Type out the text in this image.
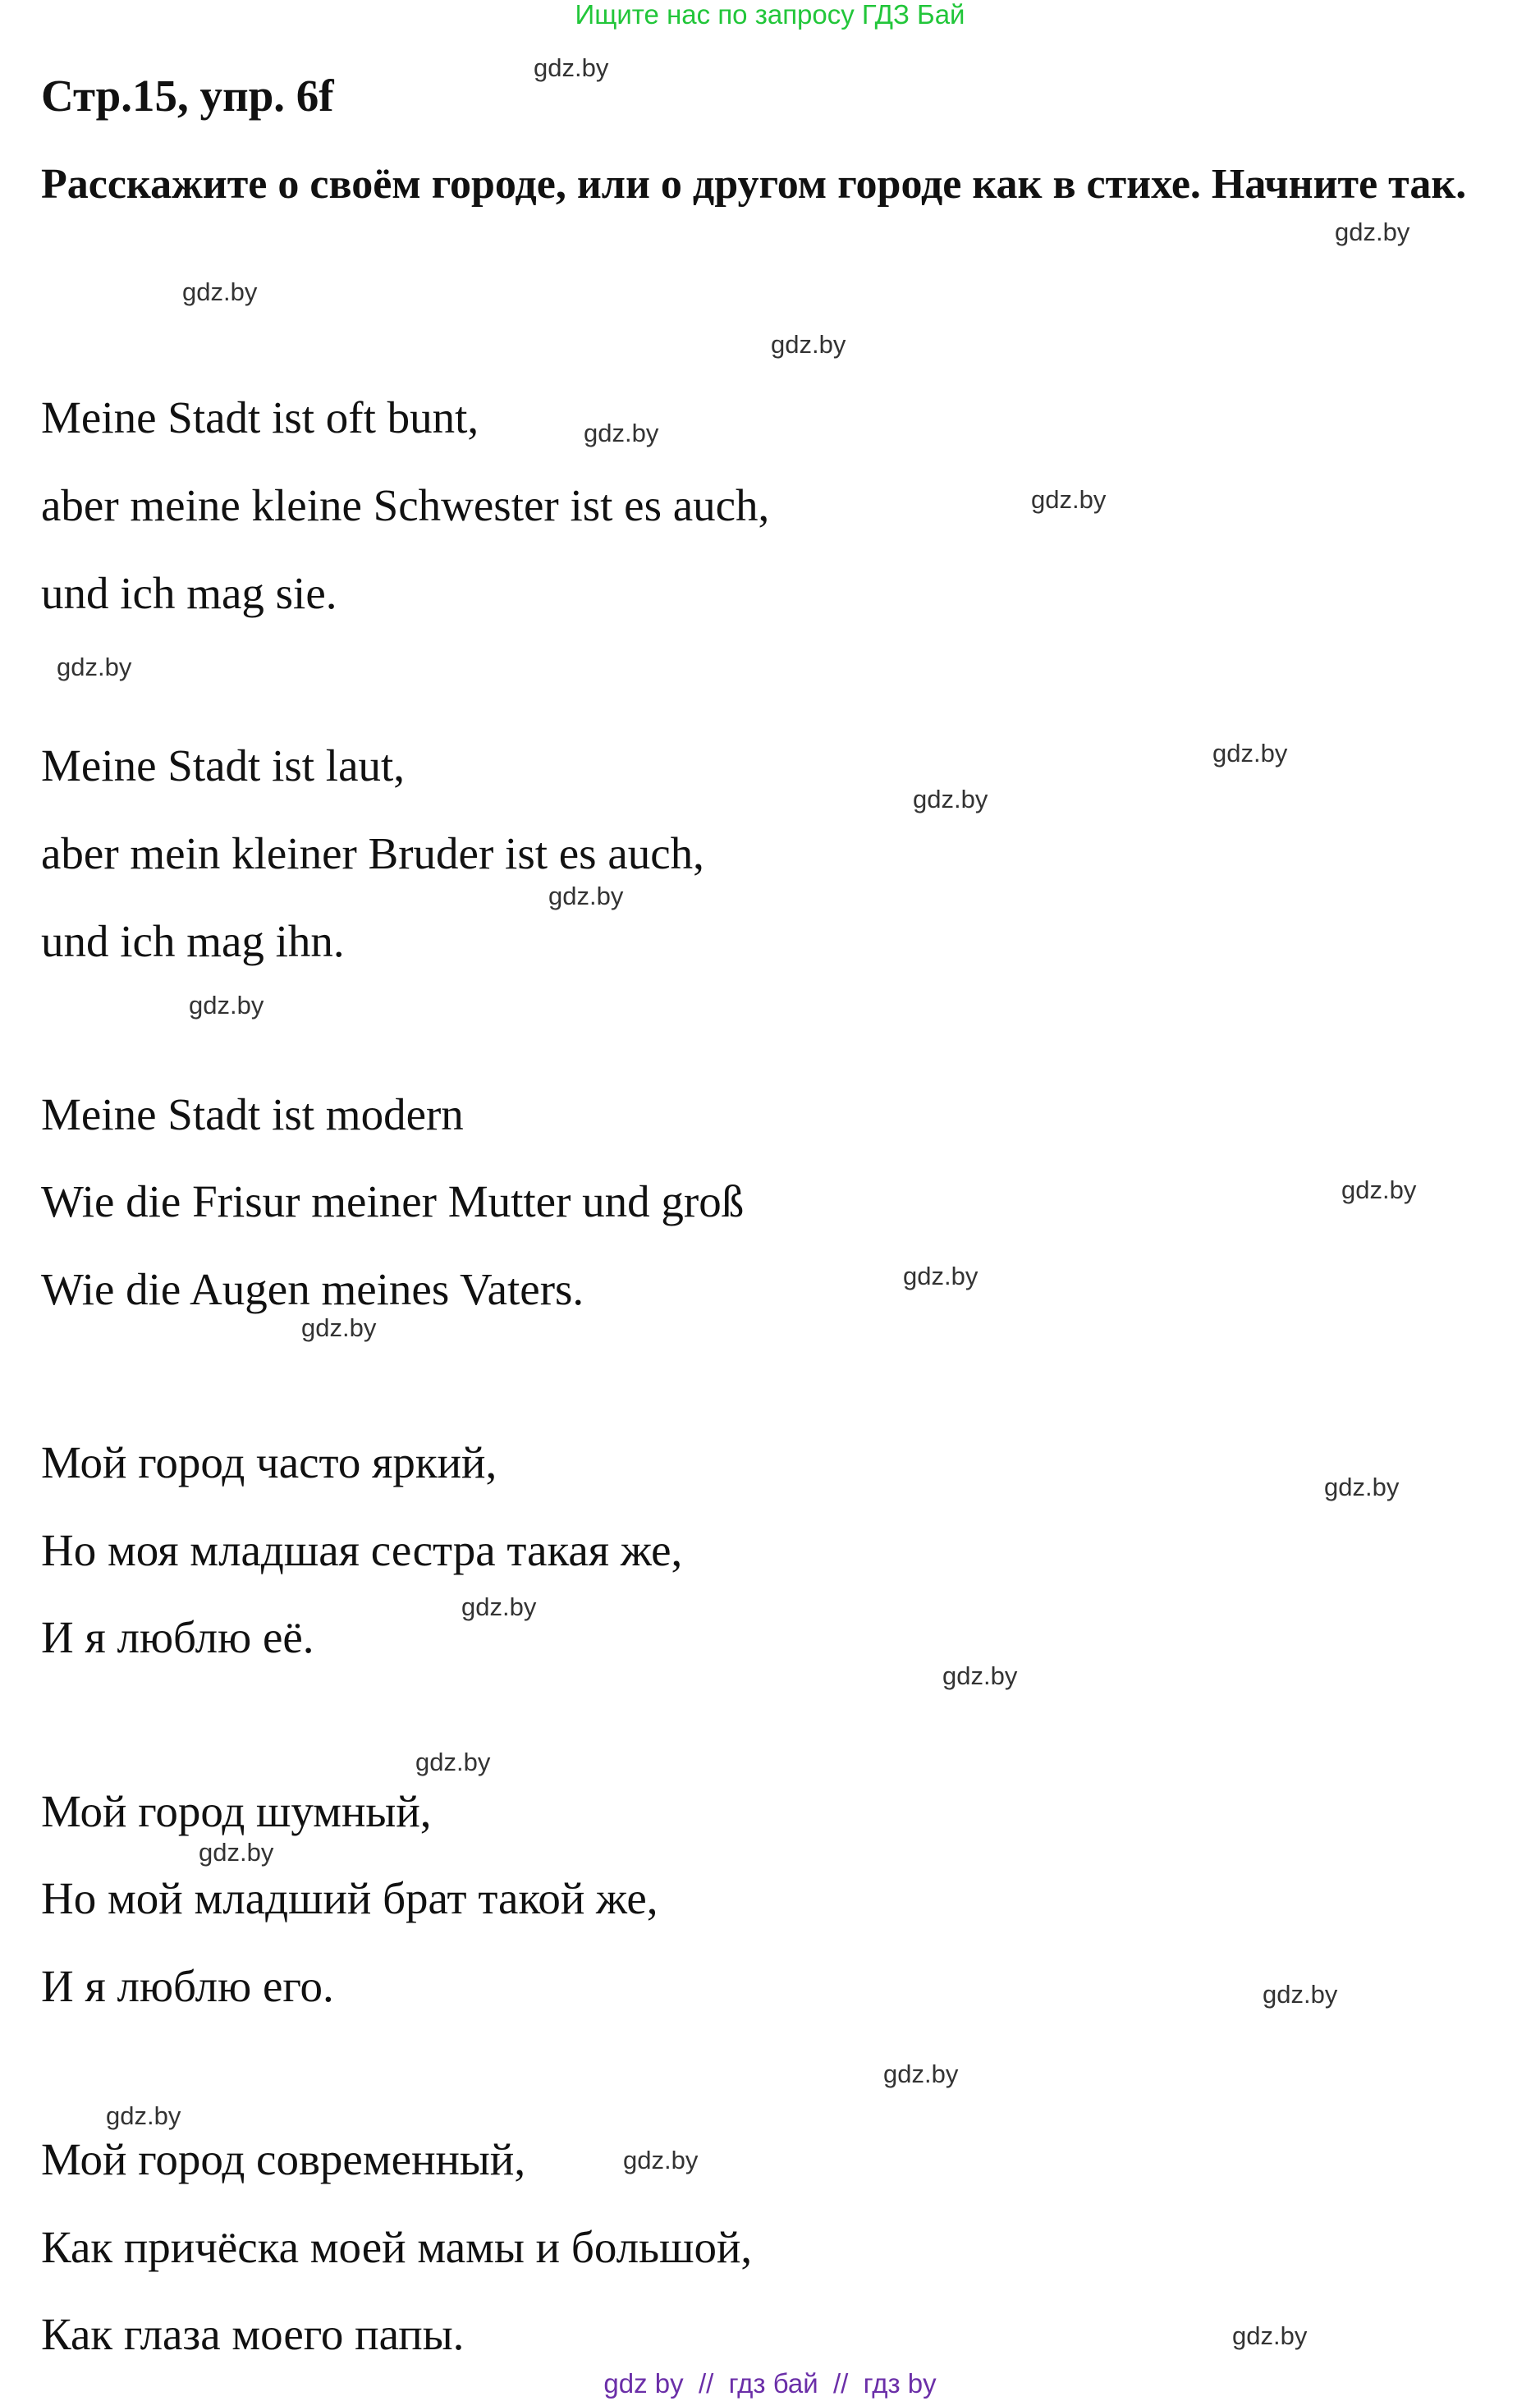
Ищите нас по запросу ГДЗ Бай
Стр.15, упр. 6f

Расскажите о своём городе, или о другом городе как в стихе. Начните так.

Meine Stadt ist oft bunt,

aber meine kleine Schwester ist es auch,

und ich mag sie.

Meine Stadt ist laut,

aber mein kleiner Bruder ist es auch,

und ich mag ihn.

Meine Stadt ist modern

Wie die Frisur meiner Mutter und groß

Wie die Augen meines Vaters.

Мой город часто яркий,

Но моя младшая сестра такая же,

И я люблю её.

Мой город шумный,

Но мой младший брат такой же,

И я люблю его.

Мой город современный,

Как причёска моей мамы и большой,

Как глаза моего папы.

gdz.by
gdz.by
gdz.by
gdz.by
gdz.by
gdz.by
gdz.by
gdz.by
gdz.by
gdz.by
gdz.by
gdz.by
gdz.by
gdz.by
gdz.by
gdz.by
gdz.by
gdz.by
gdz.by
gdz.by
gdz.by
gdz.by
gdz.by
gdz.by
gdz by  //  гдз бай  //  гдз by
